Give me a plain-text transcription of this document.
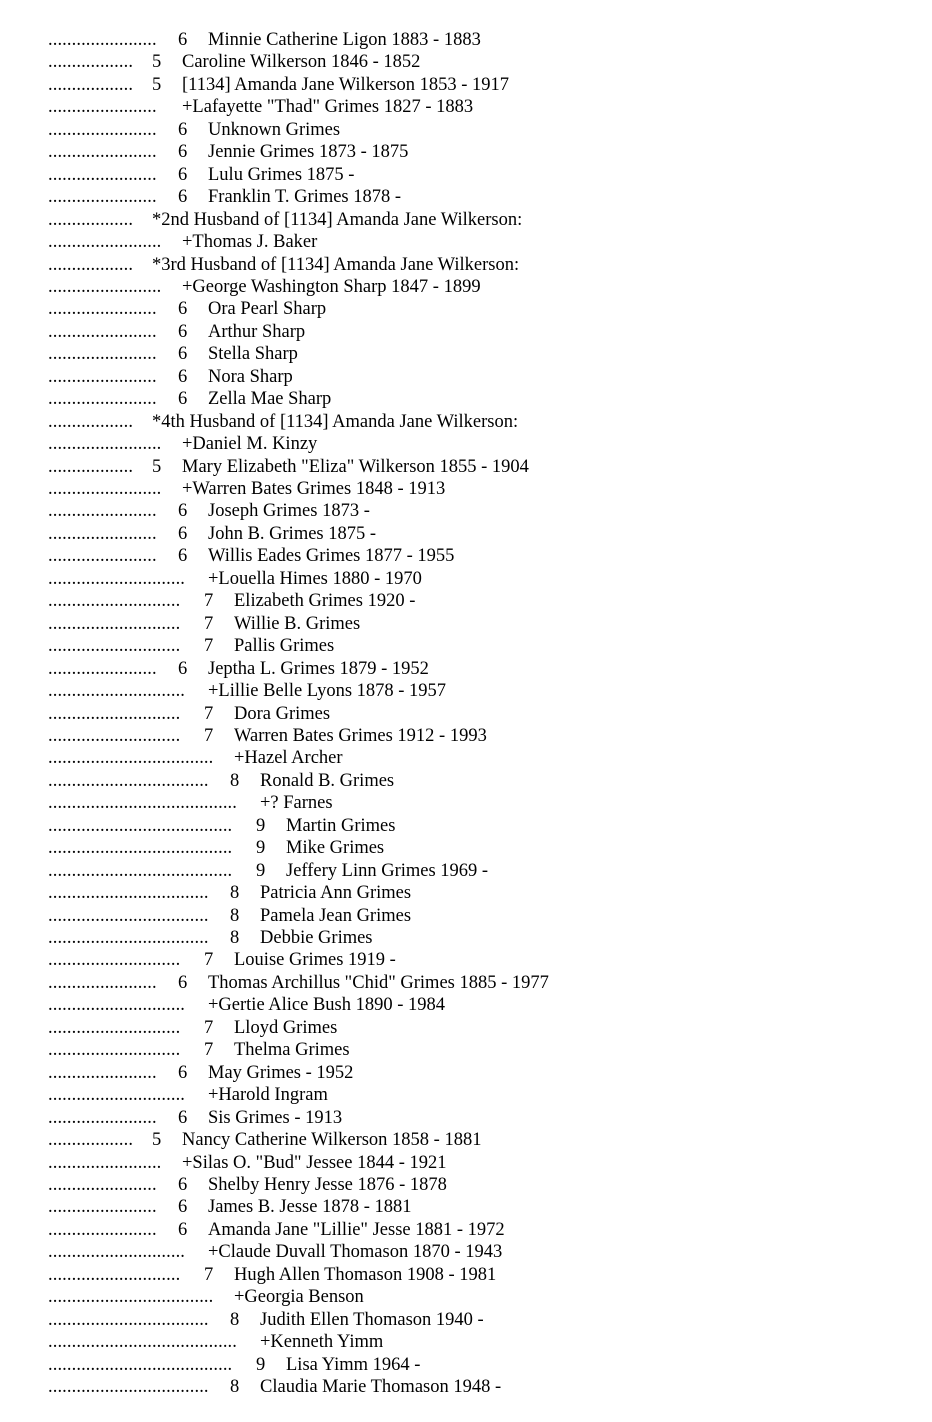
....................... 6 Minnie Catherine Ligon 1883 - 1883
.................. 5 Caroline Wilkerson 1846 - 1852
.................. 5 [1134] Amanda Jane Wilkerson 1853 - 1917
....................... +Lafayette "Thad" Grimes 1827 - 1883
....................... 6 Unknown Grimes
....................... 6 Jennie Grimes 1873 - 1875
....................... 6 Lulu Grimes 1875 -
....................... 6 Franklin T. Grimes 1878 -
.................. *2nd Husband of [1134] Amanda Jane Wilkerson:
........................ +Thomas J. Baker
.................. *3rd Husband of [1134] Amanda Jane Wilkerson:
........................ +George Washington Sharp 1847 - 1899
....................... 6 Ora Pearl Sharp
....................... 6 Arthur Sharp
....................... 6 Stella Sharp
....................... 6 Nora Sharp
....................... 6 Zella Mae Sharp
.................. *4th Husband of [1134] Amanda Jane Wilkerson:
........................ +Daniel M. Kinzy
.................. 5 Mary Elizabeth "Eliza" Wilkerson 1855 - 1904
........................ +Warren Bates Grimes 1848 - 1913
....................... 6 Joseph Grimes 1873 -
....................... 6 John B. Grimes 1875 -
....................... 6 Willis Eades Grimes 1877 - 1955
............................. +Louella Himes 1880 - 1970
............................ 7 Elizabeth Grimes 1920 -
............................ 7 Willie B. Grimes
............................ 7 Pallis Grimes
....................... 6 Jeptha L. Grimes 1879 - 1952
............................. +Lillie Belle Lyons 1878 - 1957
............................ 7 Dora Grimes
............................ 7 Warren Bates Grimes 1912 - 1993
................................... +Hazel Archer
.................................. 8 Ronald B. Grimes
........................................ +? Farnes
....................................... 9 Martin Grimes
....................................... 9 Mike Grimes
....................................... 9 Jeffery Linn Grimes 1969 -
.................................. 8 Patricia Ann Grimes
.................................. 8 Pamela Jean Grimes
.................................. 8 Debbie Grimes
............................ 7 Louise Grimes 1919 -
....................... 6 Thomas Archillus "Chid" Grimes 1885 - 1977
............................. +Gertie Alice Bush 1890 - 1984
............................ 7 Lloyd Grimes
............................ 7 Thelma Grimes
....................... 6 May Grimes - 1952
............................. +Harold Ingram
....................... 6 Sis Grimes - 1913
.................. 5 Nancy Catherine Wilkerson 1858 - 1881
........................ +Silas O. "Bud" Jessee 1844 - 1921
....................... 6 Shelby Henry Jesse 1876 - 1878
....................... 6 James B. Jesse 1878 - 1881
....................... 6 Amanda Jane "Lillie" Jesse 1881 - 1972
............................. +Claude Duvall Thomason 1870 - 1943
............................ 7 Hugh Allen Thomason 1908 - 1981
................................... +Georgia Benson
.................................. 8 Judith Ellen Thomason 1940 -
........................................ +Kenneth Yimm
....................................... 9 Lisa Yimm 1964 -
.................................. 8 Claudia Marie Thomason 1948 -
